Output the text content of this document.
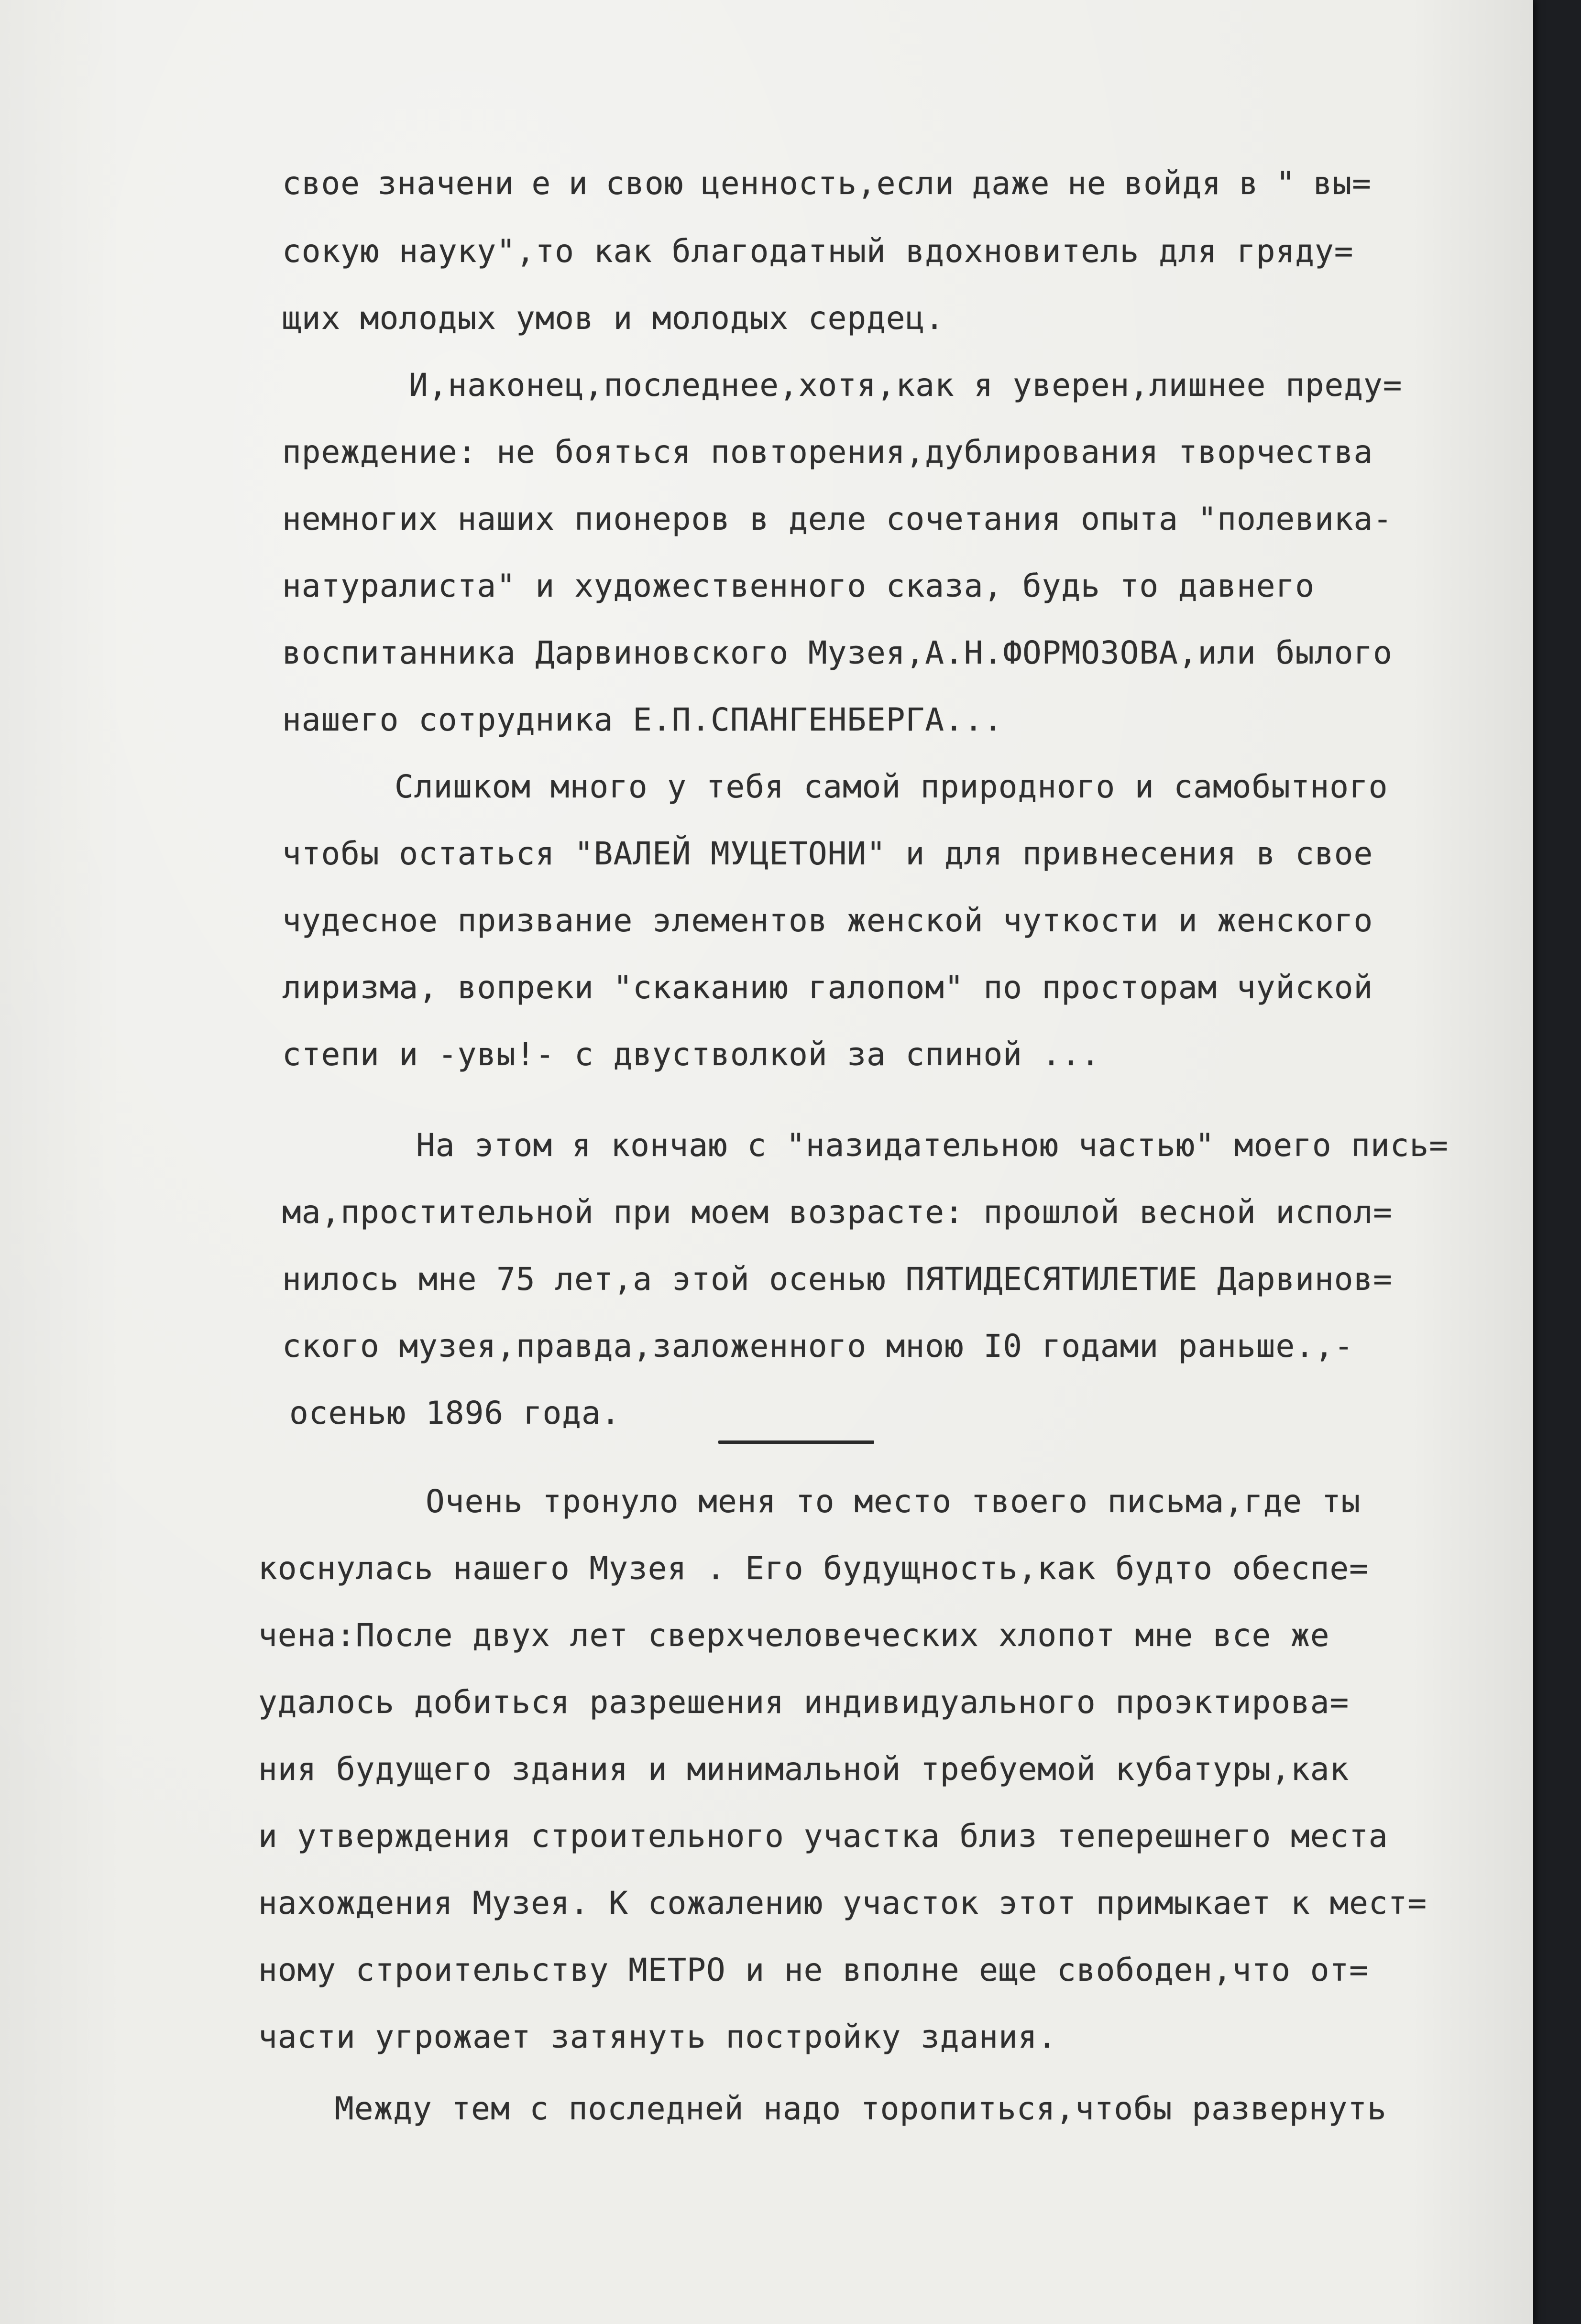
свое значени е и свою ценность,если даже не войдя в " вы=
сокую науку",то как благодатный вдохновитель для гряду=
щих молодых умов и молодых сердец.
И,наконец,последнее,хотя,как я уверен,лишнее преду=
преждение: не бояться повторения,дублирования творчества
немногих наших пионеров в деле сочетания опыта "полевика-
натуралиста" и художественного сказа, будь то давнего
воспитанника Дарвиновского Музея,А.Н.ФОРМОЗОВА,или былого
нашего сотрудника Е.П.СПАНГЕНБЕРГА...
Слишком много у тебя самой природного и самобытного
чтобы остаться "ВАЛЕЙ МУЦЕТОНИ" и для привнесения в свое
чудесное призвание элементов женской чуткости и женского
лиризма, вопреки "скаканию галопом" по просторам чуйской
степи и -увы!- с двустволкой за спиной ...
На этом я кончаю с "назидательною частью" моего пись=
ма,простительной при моем возрасте: прошлой весной испол=
нилось мне 75 лет,а этой осенью ПЯТИДЕСЯТИЛЕТИЕ Дарвинов=
ского музея,правда,заложенного мною I0 годами раньше.,-
осенью 1896 года.
Очень тронуло меня то место твоего письма,где ты
коснулась нашего Музея . Его будущность,как будто обеспе=
чена:После двух лет сверхчеловеческих хлопот мне все же
удалось добиться разрешения индивидуального проэктирова=
ния будущего здания и минимальной требуемой кубатуры,как
и утверждения строительного участка близ теперешнего места
нахождения Музея. К сожалению участок этот примыкает к мест=
ному строительству МЕТРО и не вполне еще свободен,что от=
части угрожает затянуть постройку здания.
Между тем с последней надо торопиться,чтобы развернуть
